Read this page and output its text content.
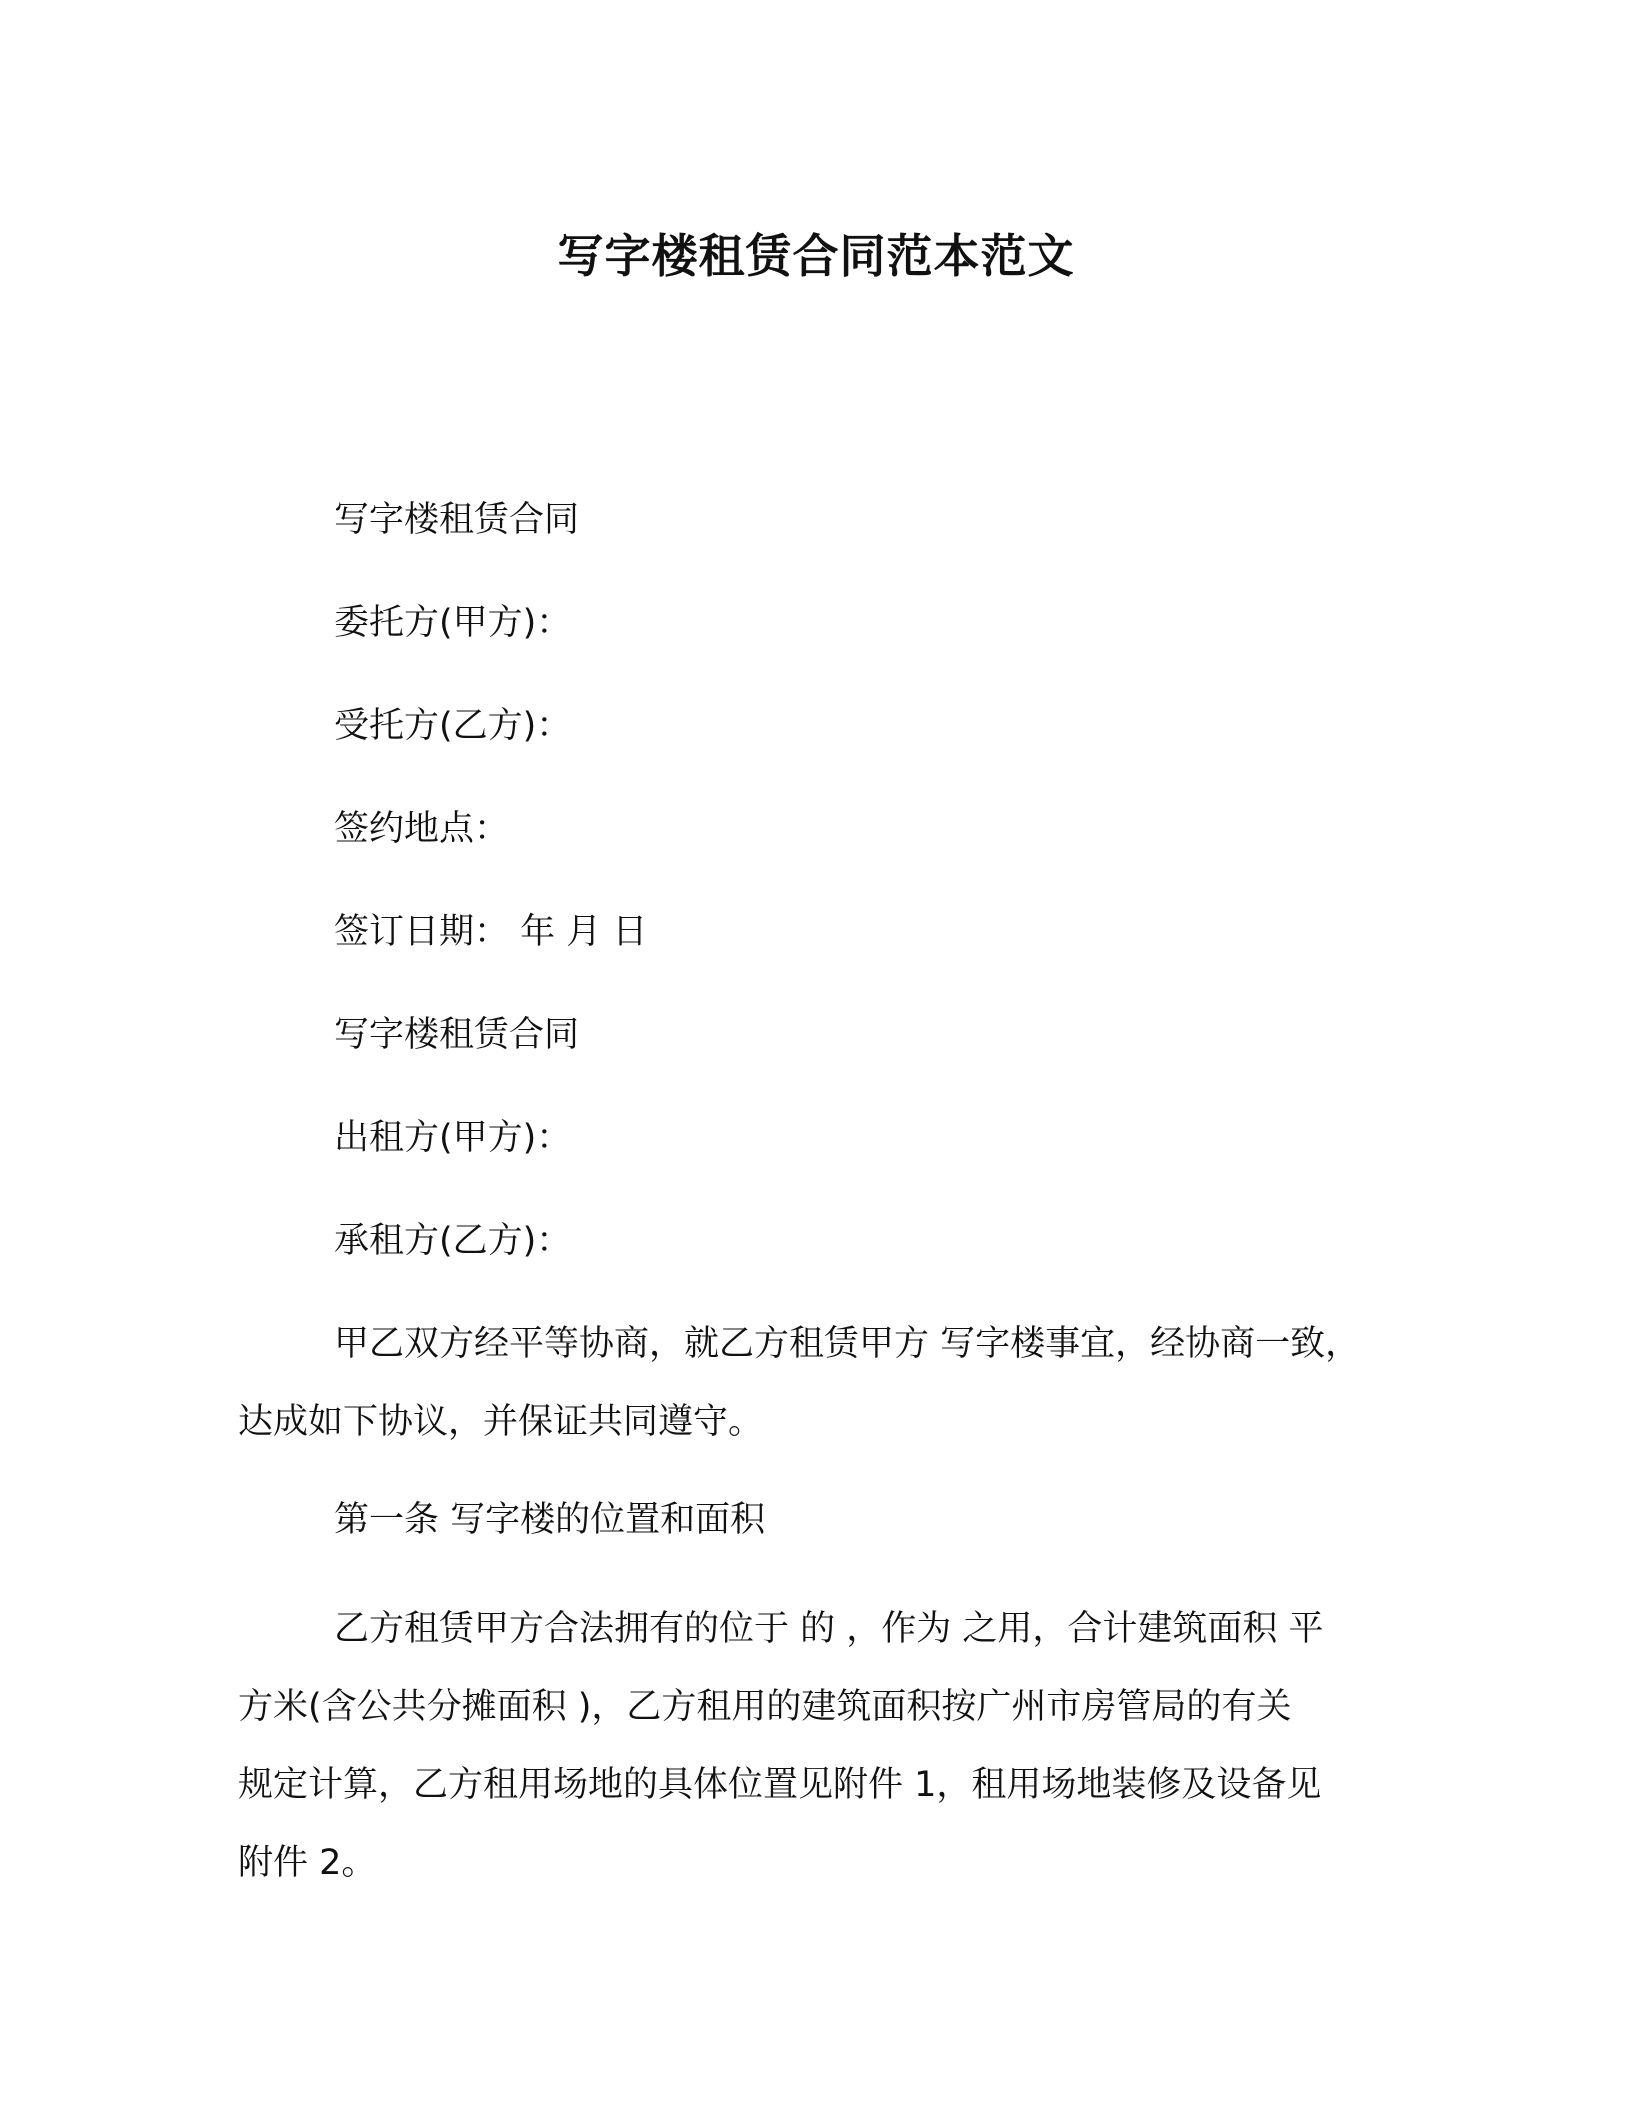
写字楼租赁合同范本范文

写字楼租赁合同

委托方(甲方)：

受托方(乙方)：

签约地点：

签订日期： 年 月 日

写字楼租赁合同

出租方(甲方)：

承租方(乙方)：

甲乙双方经平等协商，就乙方租赁甲方 写字楼事宜，经协商一致，
达成如下协议，并保证共同遵守。

第一条 写字楼的位置和面积

乙方租赁甲方合法拥有的位于 的 ，作为 之用，合计建筑面积 平
方米(含公共分摊面积 )，乙方租用的建筑面积按广州市房管局的有关
规定计算，乙方租用场地的具体位置见附件 1，租用场地装修及设备见
附件 2。
